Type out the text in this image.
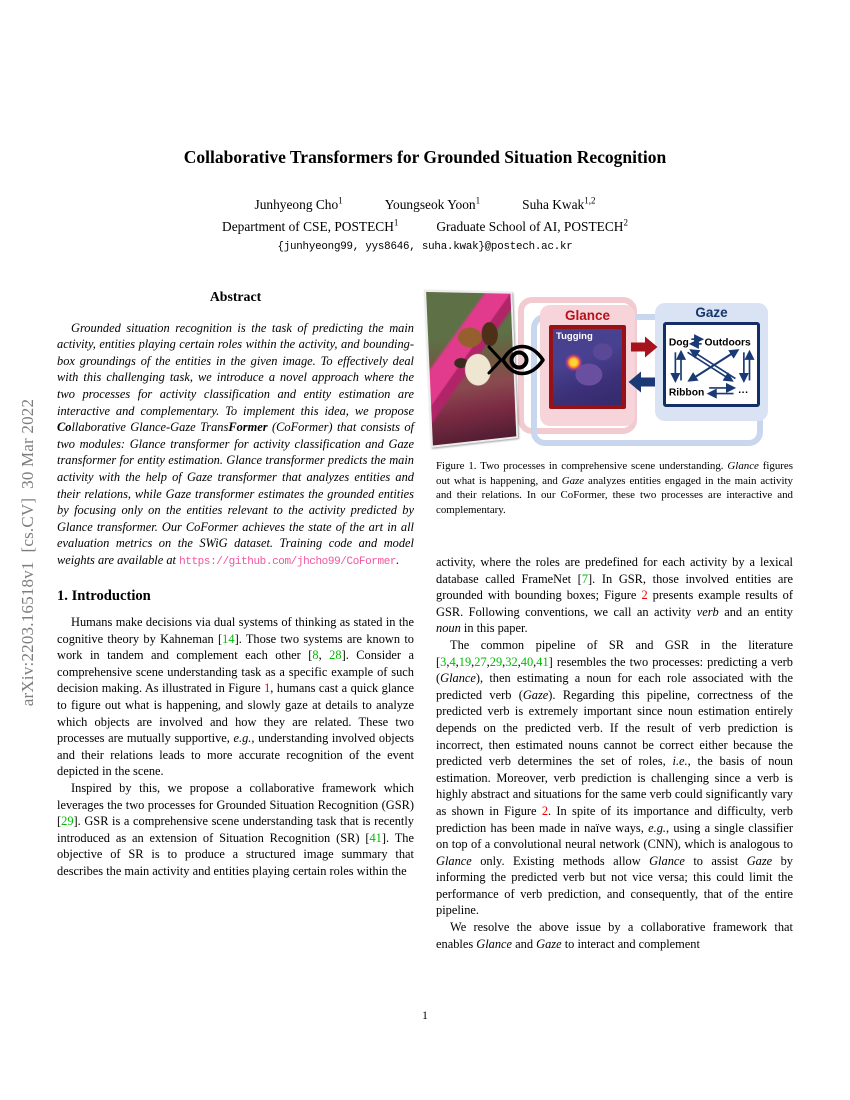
arXiv:2203.16518v1  [cs.CV]  30 Mar 2022
Collaborative Transformers for Grounded Situation Recognition
Junhyeong Cho$^1$	Youngseok Yoon$^1$	Suha Kwak$^{1,2}$
Department of CSE, POSTECH$^1$	Graduate School of AI, POSTECH$^2$
{junhyeong99, yys8646, suha.kwak}@postech.ac.kr
Abstract

Grounded situation recognition is the task of predicting the main activity, entities playing certain roles within the activity, and bounding-box groundings of the entities in the given image. To effectively deal with this challenging task, we introduce a novel approach where the two processes for activity classification and entity estimation are interactive and complementary. To implement this idea, we propose Collaborative Glance-Gaze TransFormer (CoFormer) that consists of two modules: Glance transformer for activity classification and Gaze transformer for entity estimation. Glance transformer predicts the main activity with the help of Gaze transformer that analyzes entities and their relations, while Gaze transformer estimates the grounded entities by focusing only on the entities relevant to the activity predicted by Glance transformer. Our CoFormer achieves the state of the art in all evaluation metrics on the SWiG dataset. Training code and model weights are available at https://github.com/jhcho99/CoFormer.

1. Introduction

Humans make decisions via dual systems of thinking as stated in the cognitive theory by Kahneman [14]. Those two systems are known to work in tandem and complement each other [8, 28]. Consider a comprehensive scene understanding task as a specific example of such decision making. As illustrated in Figure 1, humans cast a quick glance to figure out what is happening, and slowly gaze at details to analyze which objects are involved and how they are related. These two processes are mutually supportive, e.g., understanding involved objects and their relations leads to more accurate recognition of the event depicted in the scene.

Inspired by this, we propose a collaborative framework which leverages the two processes for Grounded Situation Recognition (GSR) [29]. GSR is a comprehensive scene understanding task that is recently introduced as an extension of Situation Recognition (SR) [41]. The objective of SR is to produce a structured image summary that describes the main activity and entities playing certain roles within the

Glance
Tugging
Gaze
Dog Outdoors
Ribbon	···
Figure 1. Two processes in comprehensive scene understanding. Glance figures out what is happening, and Gaze analyzes entities engaged in the main activity and their relations. In our CoFormer, these two processes are interactive and complementary.

activity, where the roles are predefined for each activity by a lexical database called FrameNet [7]. In GSR, those involved entities are grounded with bounding boxes; Figure 2 presents example results of GSR. Following conventions, we call an activity verb and an entity noun in this paper.

The common pipeline of SR and GSR in the literature [3,4,19,27,29,32,40,41] resembles the two processes: predicting a verb (Glance), then estimating a noun for each role associated with the predicted verb (Gaze). Regarding this pipeline, correctness of the predicted verb is extremely important since noun estimation entirely depends on the predicted verb. If the result of verb prediction is incorrect, then estimated nouns cannot be correct either because the predicted verb determines the set of roles, i.e., the basis of noun estimation. Moreover, verb prediction is challenging since a verb is highly abstract and situations for the same verb could significantly vary as shown in Figure 2. In spite of its importance and difficulty, verb prediction has been made in naïve ways, e.g., using a single classifier on top of a convolutional neural network (CNN), which is analogous to Glance only. Existing methods allow Glance to assist Gaze by informing the predicted verb but not vice versa; this could limit the performance of verb prediction, and consequently, that of the entire pipeline.

We resolve the above issue by a collaborative framework that enables Glance and Gaze to interact and complement

1
